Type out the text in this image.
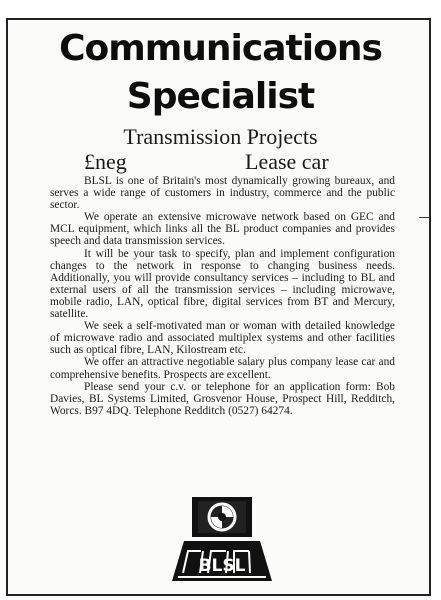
Communications
Specialist
Transmission Projects
£neg	Lease car

BLSL is one of Britain's most dynamically growing bureaux, and serves a wide range of customers in industry, commerce and the public sector.

We operate an extensive microwave network based on GEC and MCL equipment, which links all the BL product companies and provides speech and data transmission services.

It will be your task to specify, plan and implement configuration changes to the network in response to changing business needs. Additionally, you will provide consultancy services – including to BL and external users of all the transmission services – including microwave, mobile radio, LAN, optical fibre, digital services from BT and Mercury, satellite.

We seek a self-motivated man or woman with detailed knowledge of microwave radio and associated multiplex systems and other facilities such as optical fibre, LAN, Kilostream etc.

We offer an attractive negotiable salary plus company lease car and comprehensive benefits. Prospects are excellent.

Please send your c.v. or telephone for an application form: Bob Davies, BL Systems Limited, Grosvenor House, Prospect Hill, Redditch, Worcs. B97 4DQ. Telephone Redditch (0527) 64274.

BLSL
